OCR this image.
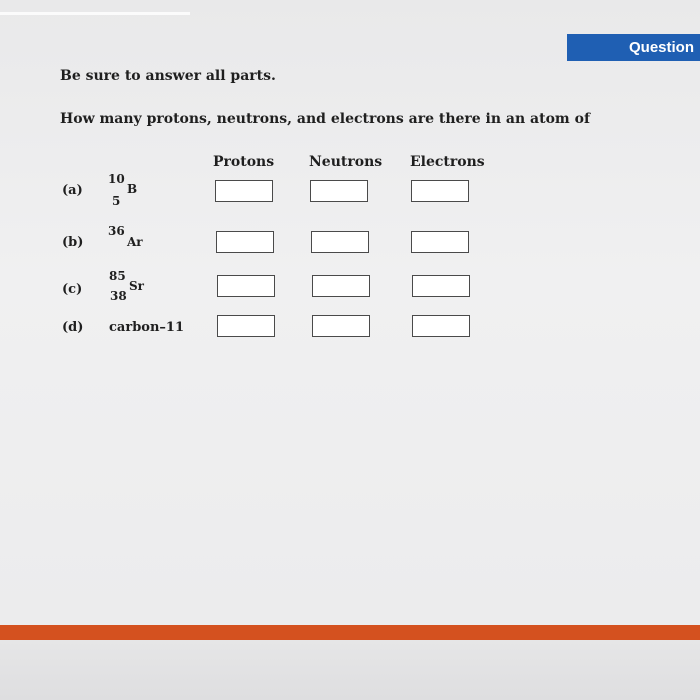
Question
Be sure to answer all parts.
How many protons, neutrons, and electrons are there in an atom of
Protons Neutrons Electrons
(a)
10
5
B
(b)
36
Ar
(c)
85
38
Sr
(d) carbon–11
